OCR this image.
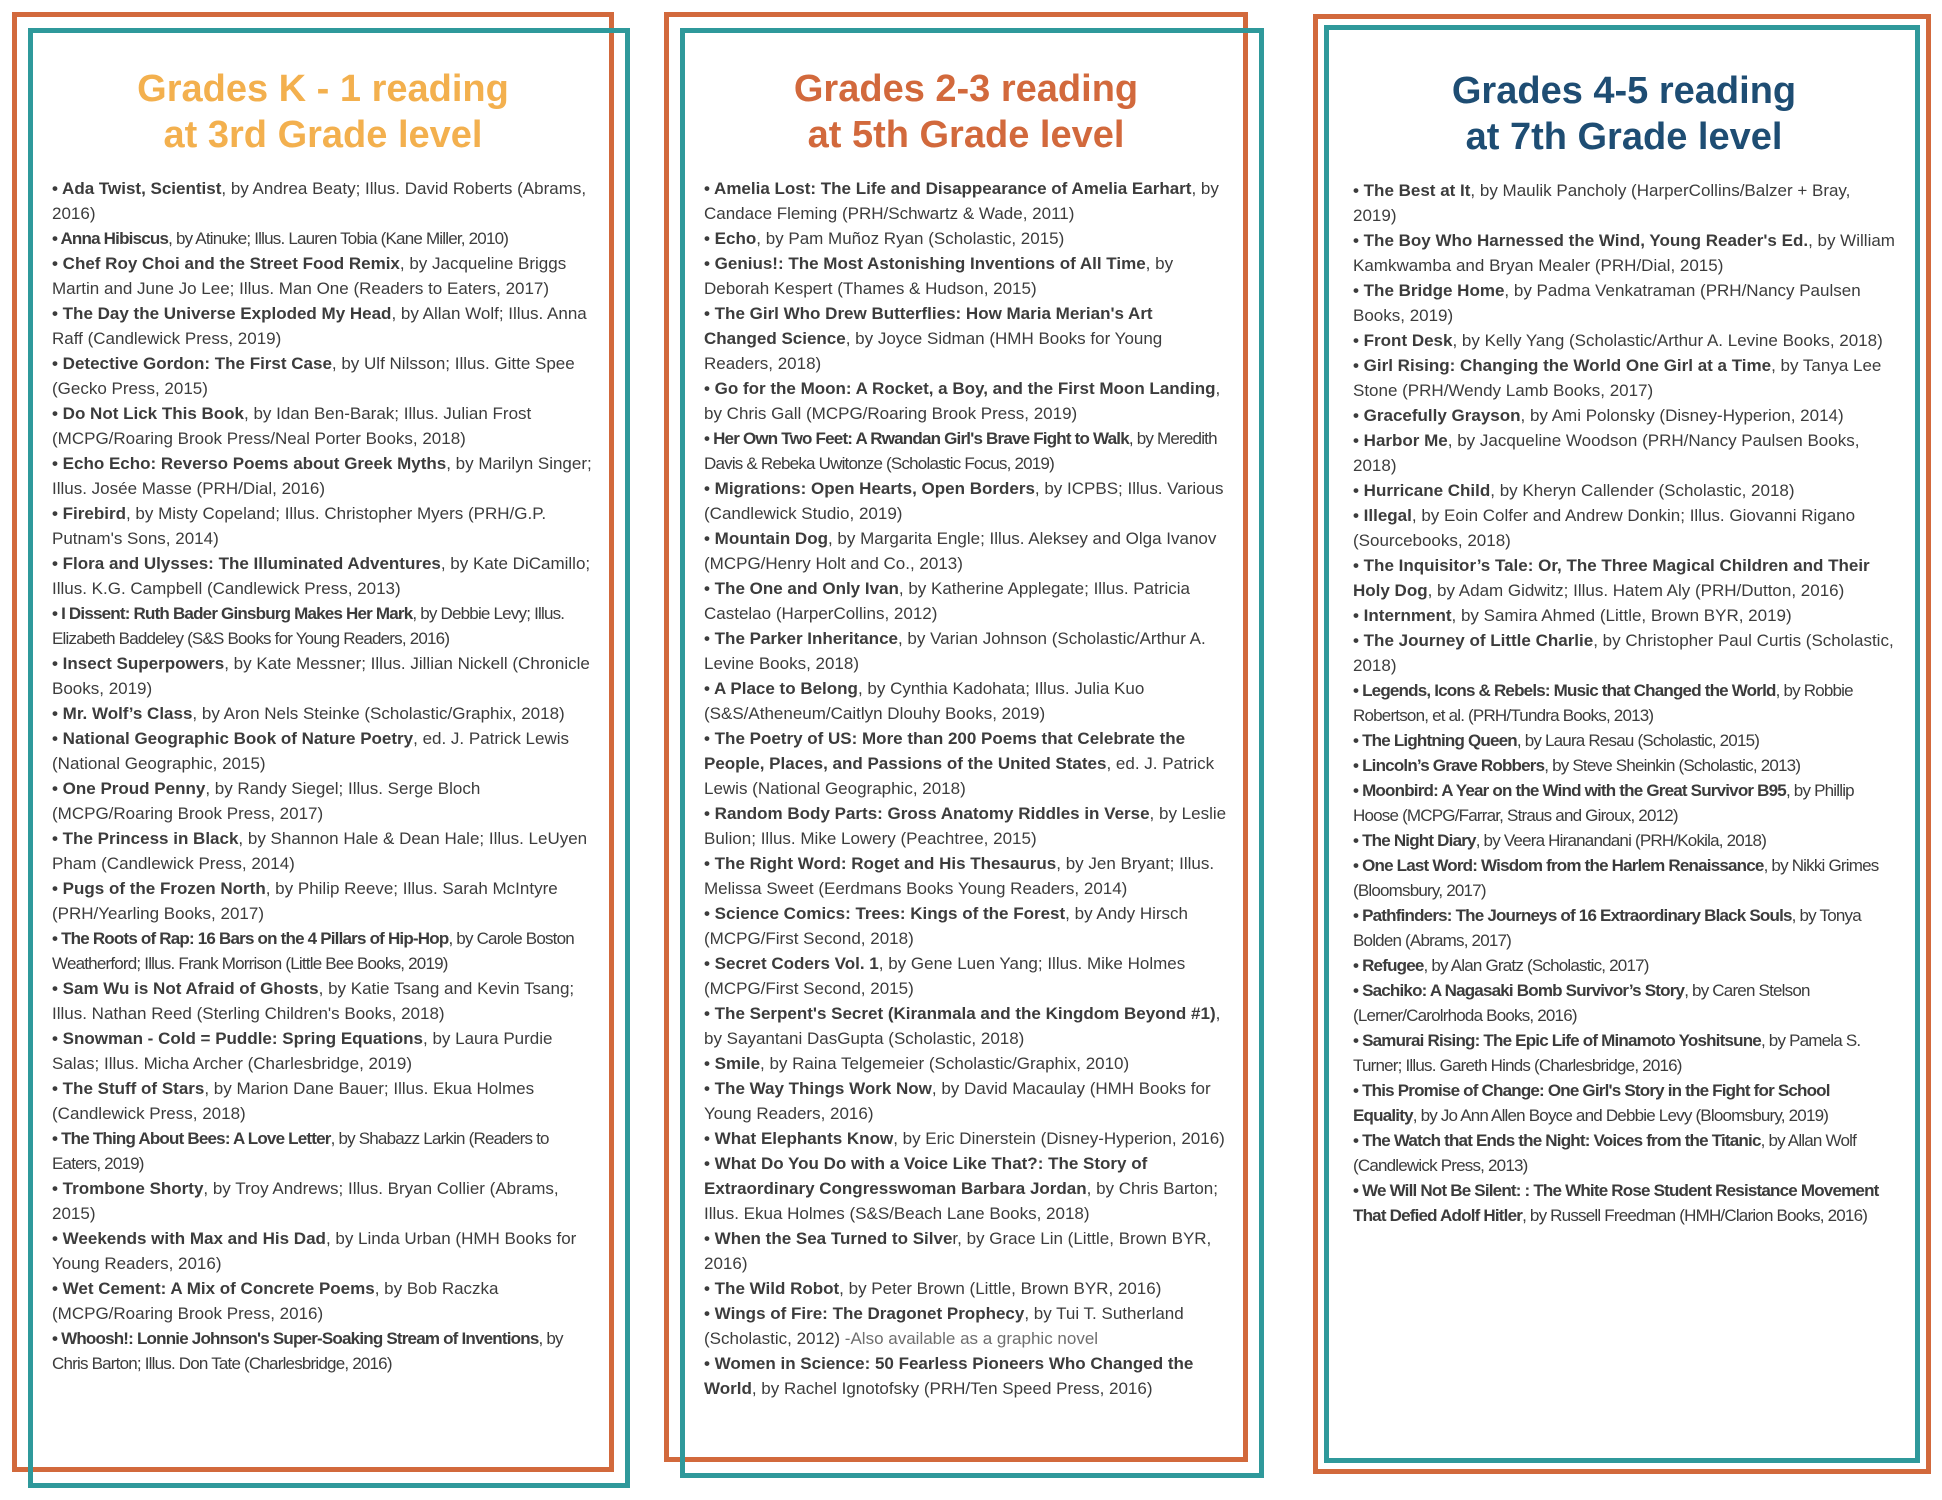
Grades K - 1 reading
at 3rd Grade level

• Ada Twist, Scientist, by Andrea Beaty; Illus. David Roberts (Abrams, 2016)

• Anna Hibiscus, by Atinuke; Illus. Lauren Tobia (Kane Miller, 2010)

• Chef Roy Choi and the Street Food Remix, by Jacqueline Briggs Martin and June Jo Lee; Illus. Man One (Readers to Eaters, 2017)

• The Day the Universe Exploded My Head, by Allan Wolf; Illus. Anna Raff (Candlewick Press, 2019)

• Detective Gordon: The First Case, by Ulf Nilsson; Illus. Gitte Spee (Gecko Press, 2015)

• Do Not Lick This Book, by Idan Ben-Barak; Illus. Julian Frost (MCPG/Roaring Brook Press/Neal Porter Books, 2018)

• Echo Echo: Reverso Poems about Greek Myths, by Marilyn Singer; Illus. Josée Masse (PRH/Dial, 2016)

• Firebird, by Misty Copeland; Illus. Christopher Myers (PRH/G.P. Putnam's Sons, 2014)

• Flora and Ulysses: The Illuminated Adventures, by Kate DiCamillo; Illus. K.G. Campbell (Candlewick Press, 2013)

• I Dissent: Ruth Bader Ginsburg Makes Her Mark, by Debbie Levy; Illus. Elizabeth Baddeley (S&S Books for Young Readers, 2016)

• Insect Superpowers, by Kate Messner; Illus. Jillian Nickell (Chronicle Books, 2019)

• Mr. Wolf’s Class, by Aron Nels Steinke (Scholastic/Graphix, 2018)

• National Geographic Book of Nature Poetry, ed. J. Patrick Lewis (National Geographic, 2015)

• One Proud Penny, by Randy Siegel; Illus. Serge Bloch (MCPG/Roaring Brook Press, 2017)

• The Princess in Black, by Shannon Hale & Dean Hale; Illus. LeUyen Pham (Candlewick Press, 2014)

• Pugs of the Frozen North, by Philip Reeve; Illus. Sarah McIntyre (PRH/Yearling Books, 2017)

• The Roots of Rap: 16 Bars on the 4 Pillars of Hip-Hop, by Carole Boston Weatherford; Illus. Frank Morrison (Little Bee Books, 2019)

• Sam Wu is Not Afraid of Ghosts, by Katie Tsang and Kevin Tsang; Illus. Nathan Reed (Sterling Children's Books, 2018)

• Snowman - Cold = Puddle: Spring Equations, by Laura Purdie Salas; Illus. Micha Archer (Charlesbridge, 2019)

• The Stuff of Stars, by Marion Dane Bauer; Illus. Ekua Holmes (Candlewick Press, 2018)

• The Thing About Bees: A Love Letter, by Shabazz Larkin (Readers to Eaters, 2019)

• Trombone Shorty, by Troy Andrews; Illus. Bryan Collier (Abrams, 2015)

• Weekends with Max and His Dad, by Linda Urban (HMH Books for Young Readers, 2016)

• Wet Cement: A Mix of Concrete Poems, by Bob Raczka (MCPG/Roaring Brook Press, 2016)

• Whoosh!: Lonnie Johnson's Super-Soaking Stream of Inventions, by Chris Barton; Illus. Don Tate (Charlesbridge, 2016)

Grades 2-3 reading
at 5th Grade level

• Amelia Lost: The Life and Disappearance of Amelia Earhart, by Candace Fleming (PRH/Schwartz & Wade, 2011)

• Echo, by Pam Muñoz Ryan (Scholastic, 2015)

• Genius!: The Most Astonishing Inventions of All Time, by Deborah Kespert (Thames & Hudson, 2015)

• The Girl Who Drew Butterflies: How Maria Merian's Art Changed Science, by Joyce Sidman (HMH Books for Young Readers, 2018)

• Go for the Moon: A Rocket, a Boy, and the First Moon Landing, by Chris Gall (MCPG/Roaring Brook Press, 2019)

• Her Own Two Feet: A Rwandan Girl's Brave Fight to Walk, by Meredith Davis & Rebeka Uwitonze (Scholastic Focus, 2019)

• Migrations: Open Hearts, Open Borders, by ICPBS; Illus. Various (Candlewick Studio, 2019)

• Mountain Dog, by Margarita Engle; Illus. Aleksey and Olga Ivanov (MCPG/Henry Holt and Co., 2013)

• The One and Only Ivan, by Katherine Applegate; Illus. Patricia Castelao (HarperCollins, 2012)

• The Parker Inheritance, by Varian Johnson (Scholastic/Arthur A. Levine Books, 2018)

• A Place to Belong, by Cynthia Kadohata; Illus. Julia Kuo (S&S/Atheneum/Caitlyn Dlouhy Books, 2019)

• The Poetry of US: More than 200 Poems that Celebrate the People, Places, and Passions of the United States, ed. J. Patrick Lewis (National Geographic, 2018)

• Random Body Parts: Gross Anatomy Riddles in Verse, by Leslie Bulion; Illus. Mike Lowery (Peachtree, 2015)

• The Right Word: Roget and His Thesaurus, by Jen Bryant; Illus. Melissa Sweet (Eerdmans Books Young Readers, 2014)

• Science Comics: Trees: Kings of the Forest, by Andy Hirsch (MCPG/First Second, 2018)

• Secret Coders Vol. 1, by Gene Luen Yang; Illus. Mike Holmes (MCPG/First Second, 2015)

• The Serpent's Secret (Kiranmala and the Kingdom Beyond #1), by Sayantani DasGupta (Scholastic, 2018)

• Smile, by Raina Telgemeier (Scholastic/Graphix, 2010)

• The Way Things Work Now, by David Macaulay (HMH Books for Young Readers, 2016)

• What Elephants Know, by Eric Dinerstein (Disney-Hyperion, 2016)

• What Do You Do with a Voice Like That?: The Story of Extraordinary Congresswoman Barbara Jordan, by Chris Barton; Illus. Ekua Holmes (S&S/Beach Lane Books, 2018)

• When the Sea Turned to Silver, by Grace Lin (Little, Brown BYR, 2016)

• The Wild Robot, by Peter Brown (Little, Brown BYR, 2016)

• Wings of Fire: The Dragonet Prophecy, by Tui T. Sutherland (Scholastic, 2012) -Also available as a graphic novel

• Women in Science: 50 Fearless Pioneers Who Changed the World, by Rachel Ignotofsky (PRH/Ten Speed Press, 2016)

Grades 4-5 reading
at 7th Grade level

• The Best at It, by Maulik Pancholy (HarperCollins/Balzer + Bray, 2019)

• The Boy Who Harnessed the Wind, Young Reader's Ed., by William Kamkwamba and Bryan Mealer (PRH/Dial, 2015)

• The Bridge Home, by Padma Venkatraman (PRH/Nancy Paulsen Books, 2019)

• Front Desk, by Kelly Yang (Scholastic/Arthur A. Levine Books, 2018)

• Girl Rising: Changing the World One Girl at a Time, by Tanya Lee Stone (PRH/Wendy Lamb Books, 2017)

• Gracefully Grayson, by Ami Polonsky (Disney-Hyperion, 2014)

• Harbor Me, by Jacqueline Woodson (PRH/Nancy Paulsen Books, 2018)

• Hurricane Child, by Kheryn Callender (Scholastic, 2018)

• Illegal, by Eoin Colfer and Andrew Donkin; Illus. Giovanni Rigano (Sourcebooks, 2018)

• The Inquisitor’s Tale: Or, The Three Magical Children and Their Holy Dog, by Adam Gidwitz; Illus. Hatem Aly (PRH/Dutton, 2016)

• Internment, by Samira Ahmed (Little, Brown BYR, 2019)

• The Journey of Little Charlie, by Christopher Paul Curtis (Scholastic, 2018)

• Legends, Icons & Rebels: Music that Changed the World, by Robbie Robertson, et al. (PRH/Tundra Books, 2013)

• The Lightning Queen, by Laura Resau (Scholastic, 2015)

• Lincoln’s Grave Robbers, by Steve Sheinkin (Scholastic, 2013)

• Moonbird: A Year on the Wind with the Great Survivor B95, by Phillip Hoose (MCPG/Farrar, Straus and Giroux, 2012)

• The Night Diary, by Veera Hiranandani (PRH/Kokila, 2018)

• One Last Word: Wisdom from the Harlem Renaissance, by Nikki Grimes (Bloomsbury, 2017)

• Pathfinders: The Journeys of 16 Extraordinary Black Souls, by Tonya Bolden (Abrams, 2017)

• Refugee, by Alan Gratz (Scholastic, 2017)

• Sachiko: A Nagasaki Bomb Survivor’s Story, by Caren Stelson (Lerner/Carolrhoda Books, 2016)

• Samurai Rising: The Epic Life of Minamoto Yoshitsune, by Pamela S. Turner; Illus. Gareth Hinds (Charlesbridge, 2016)

• This Promise of Change: One Girl's Story in the Fight for School Equality, by Jo Ann Allen Boyce and Debbie Levy (Bloomsbury, 2019)

• The Watch that Ends the Night: Voices from the Titanic, by Allan Wolf (Candlewick Press, 2013)

• We Will Not Be Silent: : The White Rose Student Resistance Movement That Defied Adolf Hitler, by Russell Freedman (HMH/Clarion Books, 2016)
